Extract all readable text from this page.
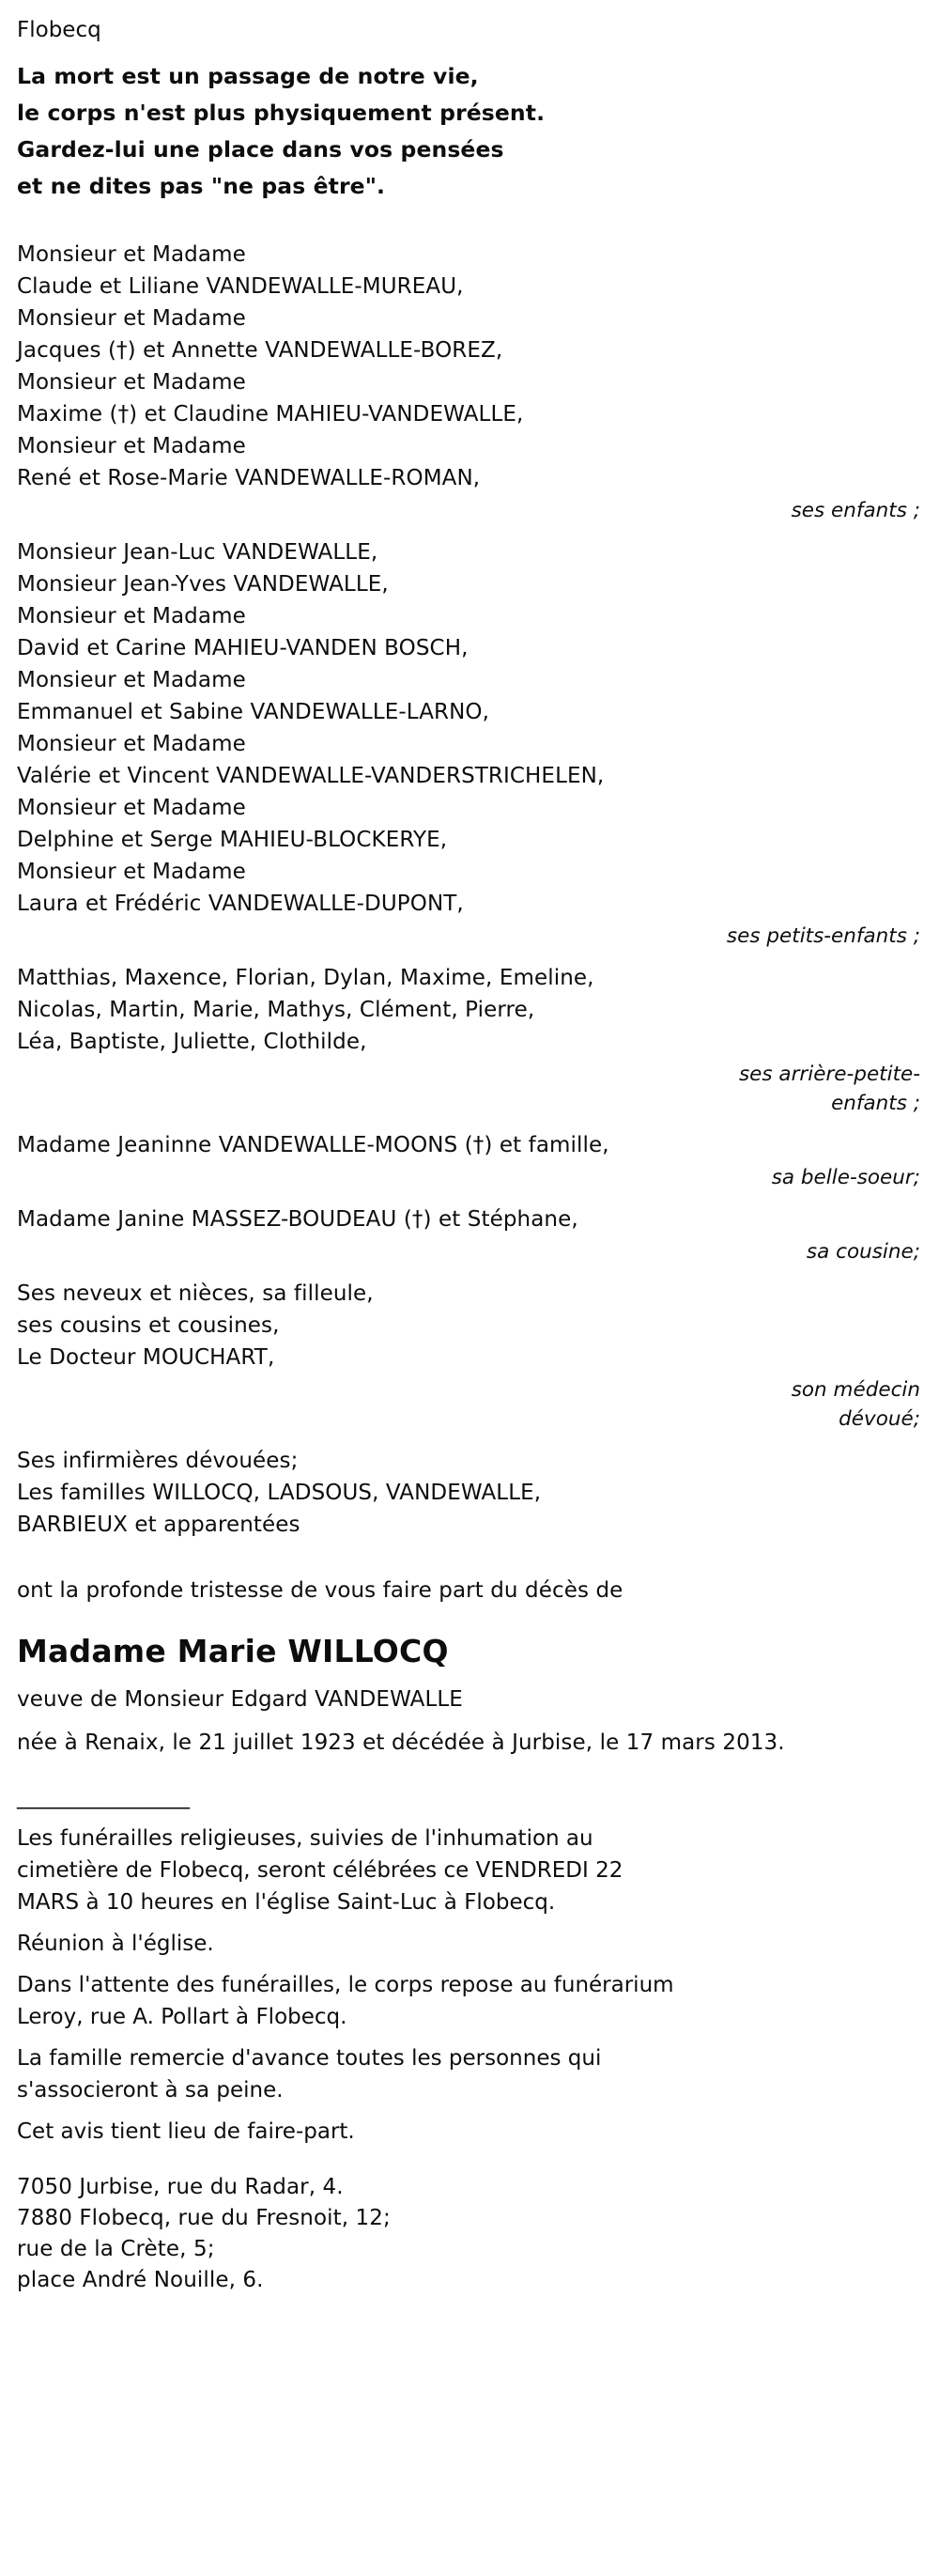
Flobecq
La mort est un passage de notre vie,
le corps n'est plus physiquement présent.
Gardez-lui une place dans vos pensées
et ne dites pas "ne pas être".
Monsieur et Madame
Claude et Liliane VANDEWALLE-MUREAU,
Monsieur et Madame
Jacques (†) et Annette VANDEWALLE-BOREZ,
Monsieur et Madame
Maxime (†) et Claudine MAHIEU-VANDEWALLE,
Monsieur et Madame
René et Rose-Marie VANDEWALLE-ROMAN,
ses enfants ;
Monsieur Jean-Luc VANDEWALLE,
Monsieur Jean-Yves VANDEWALLE,
Monsieur et Madame
David et Carine MAHIEU-VANDEN BOSCH,
Monsieur et Madame
Emmanuel et Sabine VANDEWALLE-LARNO,
Monsieur et Madame
Valérie et Vincent VANDEWALLE-VANDERSTRICHELEN,
Monsieur et Madame
Delphine et Serge MAHIEU-BLOCKERYE,
Monsieur et Madame
Laura et Frédéric VANDEWALLE-DUPONT,
ses petits-enfants ;
Matthias, Maxence, Florian, Dylan, Maxime, Emeline,
Nicolas, Martin, Marie, Mathys, Clément, Pierre,
Léa, Baptiste, Juliette, Clothilde,
ses arrière-petite-
enfants ;
Madame Jeaninne VANDEWALLE-MOONS (†) et famille,
sa belle-soeur;
Madame Janine MASSEZ-BOUDEAU (†) et Stéphane,
sa cousine;
Ses neveux et nièces, sa filleule,
ses cousins et cousines,
Le Docteur MOUCHART,
son médecin
dévoué;
Ses infirmières dévouées;
Les familles WILLOCQ, LADSOUS, VANDEWALLE,
BARBIEUX et apparentées
ont la profonde tristesse de vous faire part du décès de
Madame Marie WILLOCQ
veuve de Monsieur Edgard VANDEWALLE
née à Renaix, le 21 juillet 1923 et décédée à Jurbise, le 17 mars 2013.
________________
Les funérailles religieuses, suivies de l'inhumation au cimetière de Flobecq, seront célébrées ce VENDREDI 22 MARS à 10 heures en l'église Saint-Luc à Flobecq.
Réunion à l'église.
Dans l'attente des funérailles, le corps repose au funérarium Leroy, rue A. Pollart à Flobecq.
La famille remercie d'avance toutes les personnes qui s'associeront à sa peine.
Cet avis tient lieu de faire-part.
7050 Jurbise, rue du Radar, 4.
7880 Flobecq, rue du Fresnoit, 12;
rue de la Crète, 5;
place André Nouille, 6.
